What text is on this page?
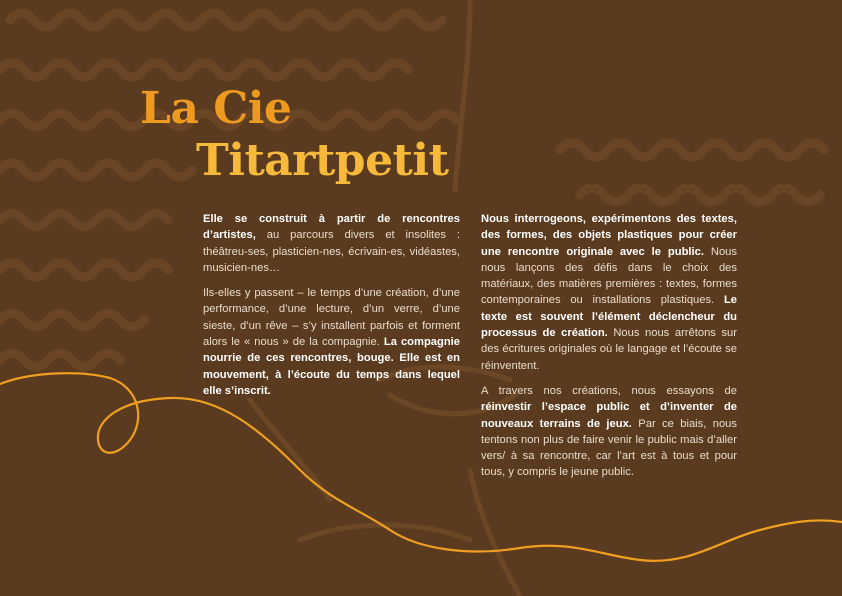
La Cie
Titartpetit

Elle se construit à partir de rencontres d’artistes, au parcours divers et insolites : théâtreu-ses, plasticien-nes, écrivain-es, vidéastes, musicien-nes…

Ils-elles y passent – le temps d’une création, d’une performance, d’une lecture, d’un verre, d’une sieste, d’un rêve – s’y installent parfois et forment alors le « nous » de la compagnie. La compagnie nourrie de ces rencontres, bouge. Elle est en mouvement, à l’écoute du temps dans lequel elle s’inscrit.

Nous interrogeons, expérimentons des textes, des formes, des objets plastiques pour créer une rencontre originale avec le public. Nous nous lançons des défis dans le choix des matériaux, des matières premières : textes, formes contemporaines ou installations plastiques. Le texte est souvent l’élément déclencheur du processus de création. Nous nous arrêtons sur des écritures originales où le langage et l’écoute se réinventent.

A travers nos créations, nous essayons de réinvestir l’espace public et d’inventer de nouveaux terrains de jeux. Par ce biais, nous tentons non plus de faire venir le public mais d’aller vers/ à sa rencontre, car l’art est à tous et pour tous, y compris le jeune public.
